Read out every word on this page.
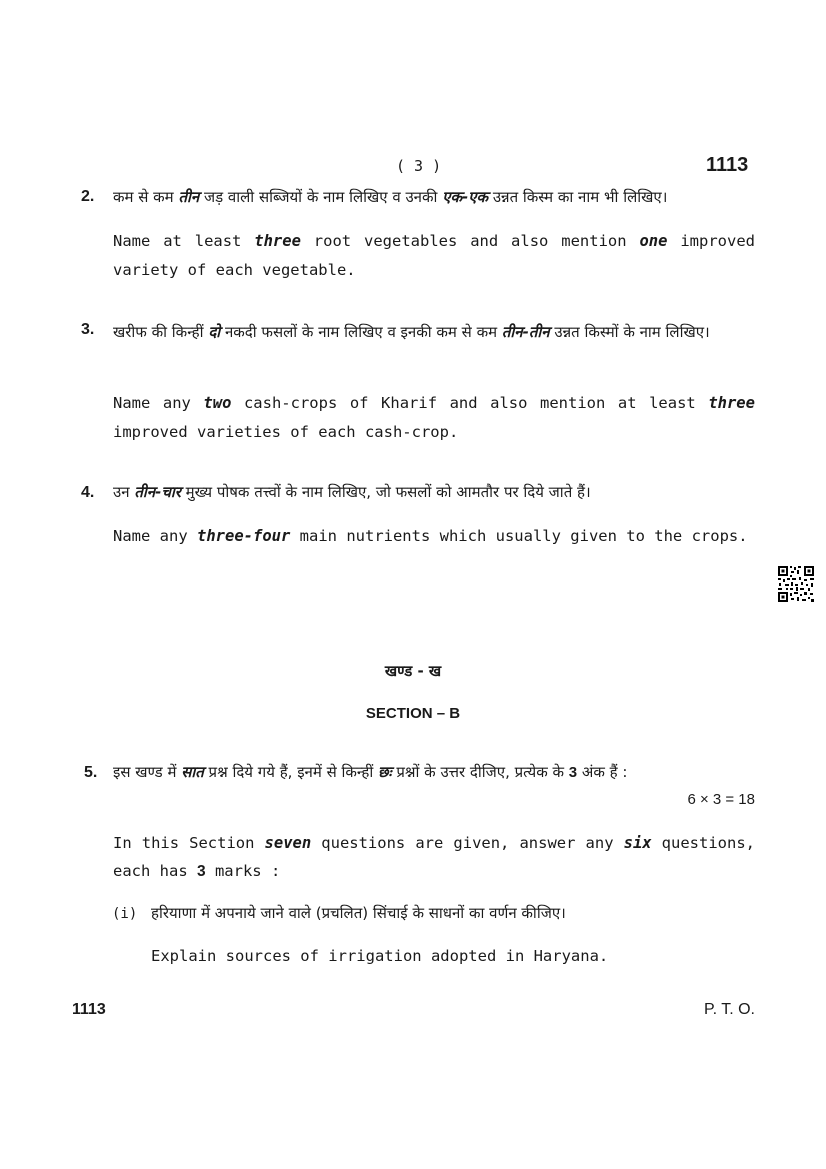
( 3 )	1113
2. कम से कम तीन जड़ वाली सब्जियों के नाम लिखिए व उनकी एक-एक उन्नत किस्म का नाम भी लिखिए।
Name at least three root vegetables and also mention one improved variety of each vegetable.
3. खरीफ की किन्हीं दो नकदी फसलों के नाम लिखिए व इनकी कम से कम तीन-तीन उन्नत किस्मों के नाम लिखिए।
Name any two cash-crops of Kharif and also mention at least three improved varieties of each cash-crop.
4. उन तीन-चार मुख्य पोषक तत्त्वों के नाम लिखिए, जो फसलों को आमतौर पर दिये जाते हैं।
Name any three-four main nutrients which usually given to the crops.
खण्ड - ख
SECTION – B
5. इस खण्ड में सात प्रश्न दिये गये हैं, इनमें से किन्हीं छः प्रश्नों के उत्तर दीजिए, प्रत्येक के 3 अंक हैं :
6 × 3 = 18
In this Section seven questions are given, answer any six questions, each has 3 marks :
(i) हरियाणा में अपनाये जाने वाले (प्रचलित) सिंचाई के साधनों का वर्णन कीजिए।
Explain sources of irrigation adopted in Haryana.
1113	P. T. O.
